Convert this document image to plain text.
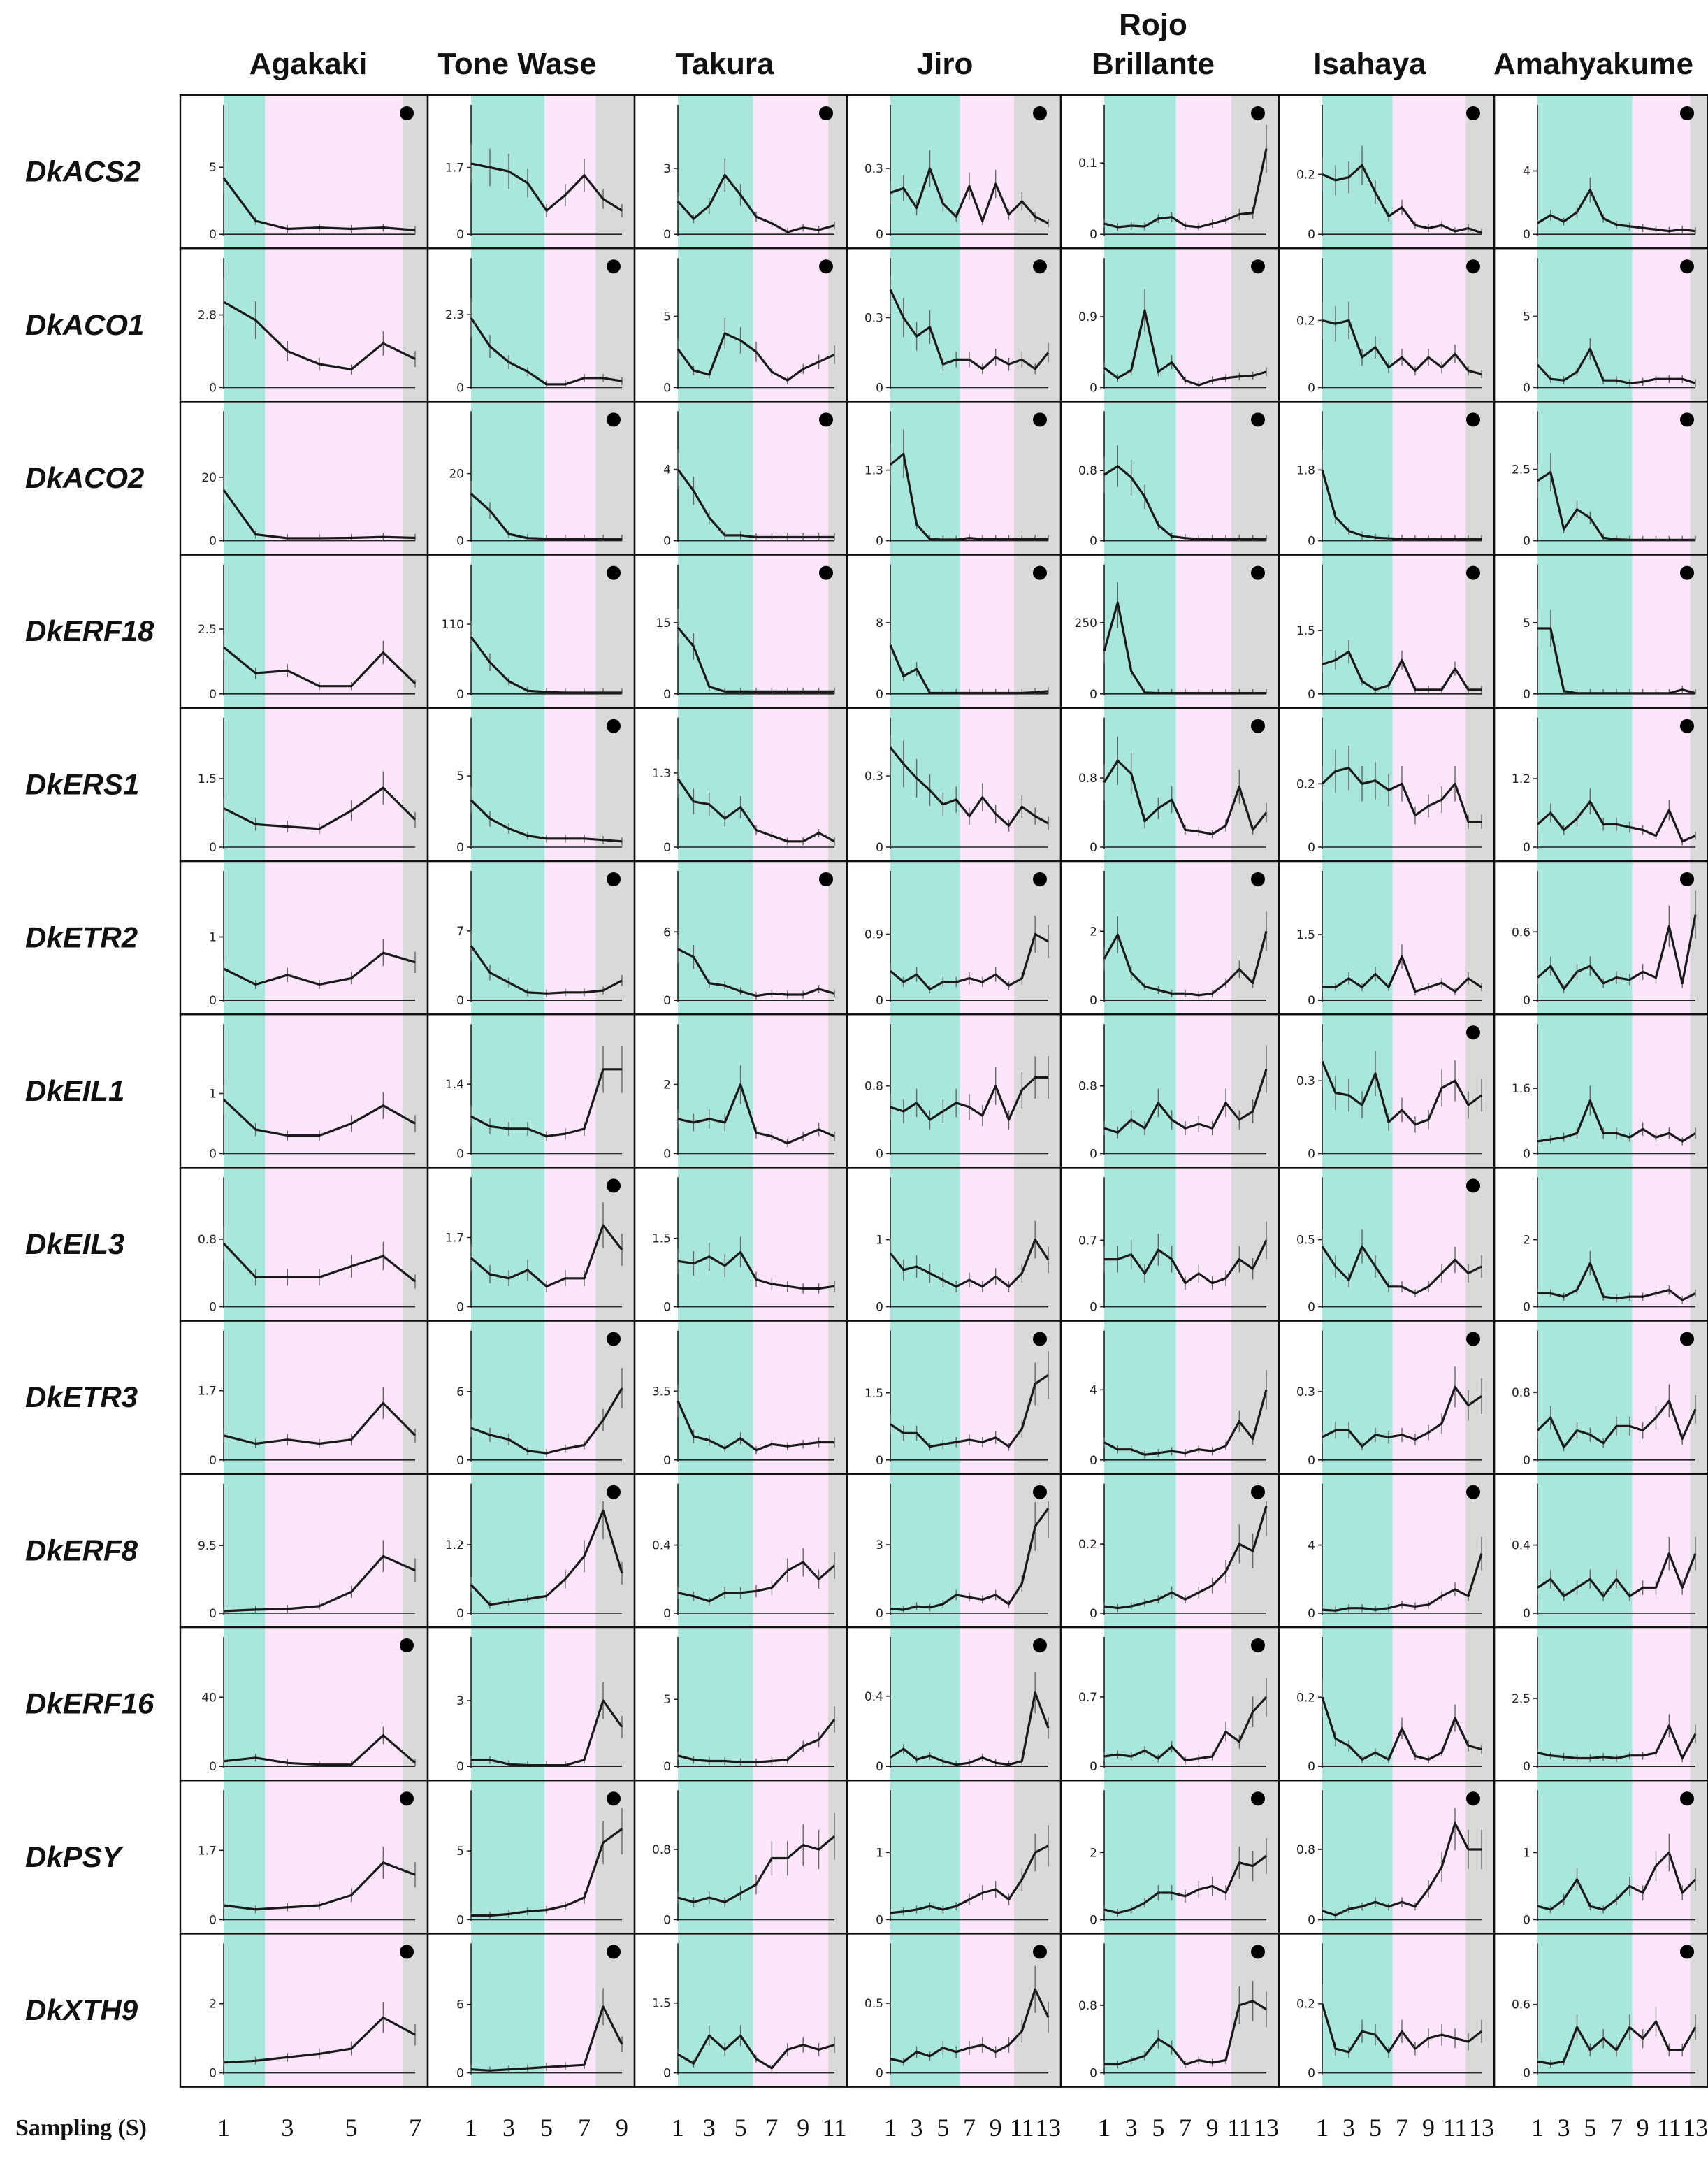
Agakaki Tone Wase	Takura	Jiro
Rojo
Brillante	Isahaya Amahyakume
5
0
1.7
0
3
0
0.3
0
0.1
0
0.2
0
4
0
2.8
0
2.3
0
5
0
0.3
0
0.9
0
0.2
0
5
0
20
0
20
0
4
0
1.3
0
0.8
0
1.8
0
2.5
0
2.5
0
110
0
15
0
8
0
250
0
1.5
0
5
0
1.5
0
5
0
1.3
0
0.3
0
0.8
0
0.2
0
1.2
0
1
0
7
0
6
0
0.9
0
2
0
1.5
0
0.6
0
1
0
1.4
0
2
0
0.8
0
0.8
0
0.3
0
1.6
0
0.8
0
1.7
0
1.5
0
1
0
0.7
0
0.5
0
2
0
1.7
0
6
0
3.5
0
1.5
0
4
0
0.3
0
0.8
0
9.5
0
1.2
0
0.4
0
3
0
0.2
0
4
0
0.4
0
40
0
3
0
5
0
0.4
0
0.7
0
0.2
0
2.5
0
1.7
0
5
0
0.8
0
1
0
2
0
0.8
0
1
0
2
0
6
0
1.5
0
0.5
0
0.8
0
0.2
0
0.6
0
DkACS2
DkACO1
DkACO2
DkERF18
DkERS1
DkETR2
DkEIL1
DkEIL3
DkETR3
DkERF8
DkERF16
DkPSY
DkXTH9
Sampling (S)	1 3 5 7 1 3 5 7 9 1 3 5 7 9 11 1 3 5 7 9 11 13 1 3 5 7 9 11 13 1 3 5 7 9 11 13 1 3 5 7 9 11 13
